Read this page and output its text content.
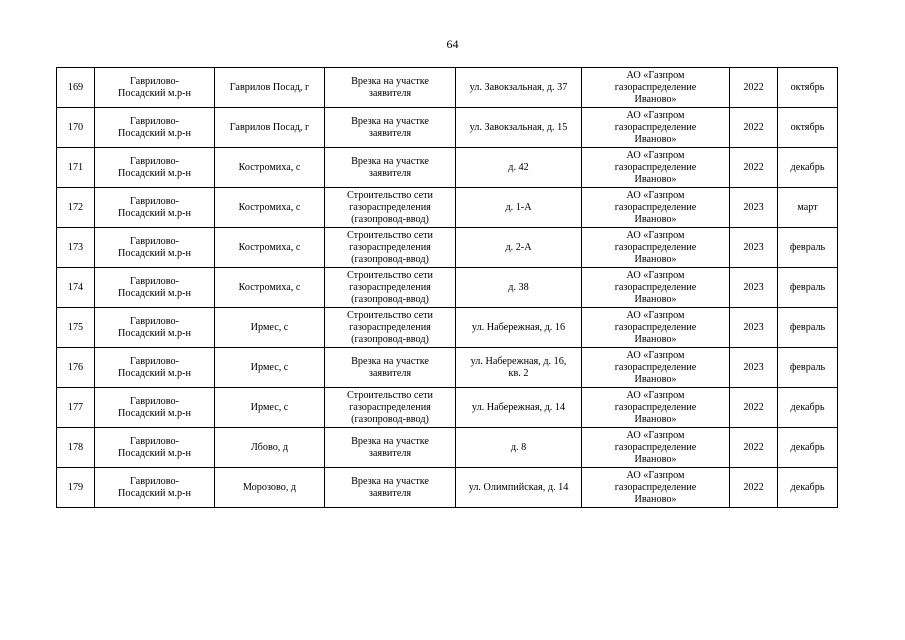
64
169	Гаврилово-
Посадский м.р-н	Гаврилов Посад, г	Врезка на участке
заявителя	ул. Завокзальная, д. 37	АО «Газпром
газораспределение
Иваново»	2022	октябрь
170	Гаврилово-
Посадский м.р-н	Гаврилов Посад, г	Врезка на участке
заявителя	ул. Завокзальная, д. 15	АО «Газпром
газораспределение
Иваново»	2022	октябрь
171	Гаврилово-
Посадский м.р-н	Костромиха, с	Врезка на участке
заявителя	д. 42	АО «Газпром
газораспределение
Иваново»	2022	декабрь
172	Гаврилово-
Посадский м.р-н	Костромиха, с	Строительство сети
газораспределения
(газопровод-ввод)	д. 1-А	АО «Газпром
газораспределение
Иваново»	2023	март
173	Гаврилово-
Посадский м.р-н	Костромиха, с	Строительство сети
газораспределения
(газопровод-ввод)	д. 2-А	АО «Газпром
газораспределение
Иваново»	2023	февраль
174	Гаврилово-
Посадский м.р-н	Костромиха, с	Строительство сети
газораспределения
(газопровод-ввод)	д. 38	АО «Газпром
газораспределение
Иваново»	2023	февраль
175	Гаврилово-
Посадский м.р-н	Ирмес, с	Строительство сети
газораспределения
(газопровод-ввод)	ул. Набережная, д. 16	АО «Газпром
газораспределение
Иваново»	2023	февраль
176	Гаврилово-
Посадский м.р-н	Ирмес, с	Врезка на участке
заявителя	ул. Набережная, д. 16,
кв. 2	АО «Газпром
газораспределение
Иваново»	2023	февраль
177	Гаврилово-
Посадский м.р-н	Ирмес, с	Строительство сети
газораспределения
(газопровод-ввод)	ул. Набережная, д. 14	АО «Газпром
газораспределение
Иваново»	2022	декабрь
178	Гаврилово-
Посадский м.р-н	Лбово, д	Врезка на участке
заявителя	д. 8	АО «Газпром
газораспределение
Иваново»	2022	декабрь
179	Гаврилово-
Посадский м.р-н	Морозово, д	Врезка на участке
заявителя	ул. Олимпийская, д. 14	АО «Газпром
газораспределение
Иваново»	2022	декабрь
